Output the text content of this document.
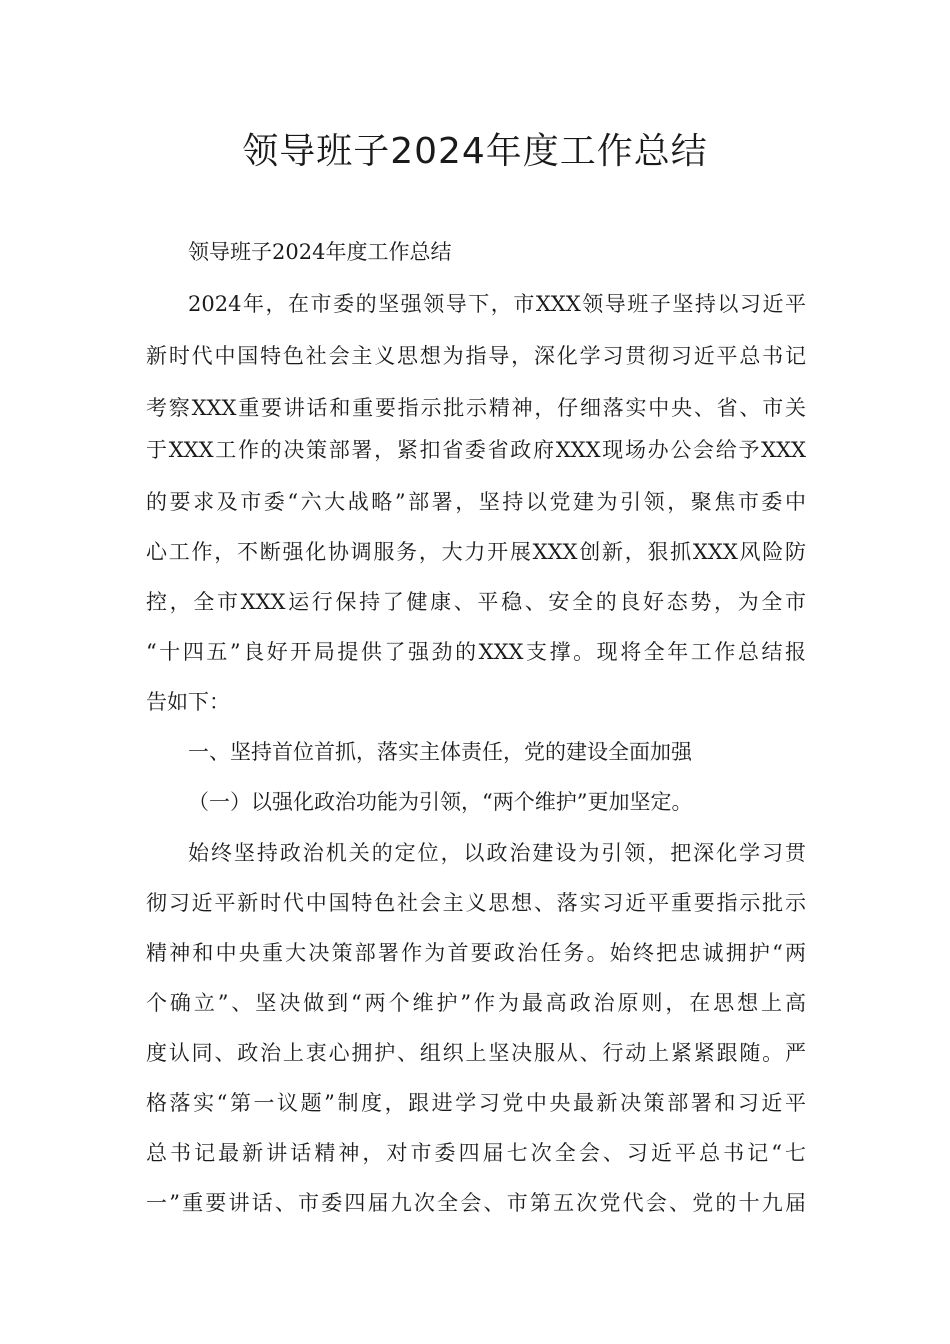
领导班子2024年度工作总结

领导班子2024年度工作总结

2024年，在市委的坚强领导下，市XXX领导班子坚持以习近平

新时代中国特色社会主义思想为指导，深化学习贯彻习近平总书记

考察XXX重要讲话和重要指示批示精神，仔细落实中央、省、市关

于XXX工作的决策部署，紧扣省委省政府XXX现场办公会给予XXX

的要求及市委“六大战略”部署，坚持以党建为引领，聚焦市委中

心工作，不断强化协调服务，大力开展XXX创新，狠抓XXX风险防

控，全市XXX运行保持了健康、平稳、安全的良好态势，为全市

“十四五”良好开局提供了强劲的XXX支撑。现将全年工作总结报

告如下：

一、坚持首位首抓，落实主体责任，党的建设全面加强

（一）以强化政治功能为引领，“两个维护”更加坚定。

始终坚持政治机关的定位，以政治建设为引领，把深化学习贯

彻习近平新时代中国特色社会主义思想、落实习近平重要指示批示

精神和中央重大决策部署作为首要政治任务。始终把忠诚拥护“两

个确立”、坚决做到“两个维护”作为最高政治原则，在思想上高

度认同、政治上衷心拥护、组织上坚决服从、行动上紧紧跟随。严

格落实“第一议题”制度，跟进学习党中央最新决策部署和习近平

总书记最新讲话精神，对市委四届七次全会、习近平总书记“七

一”重要讲话、市委四届九次全会、市第五次党代会、党的十九届
